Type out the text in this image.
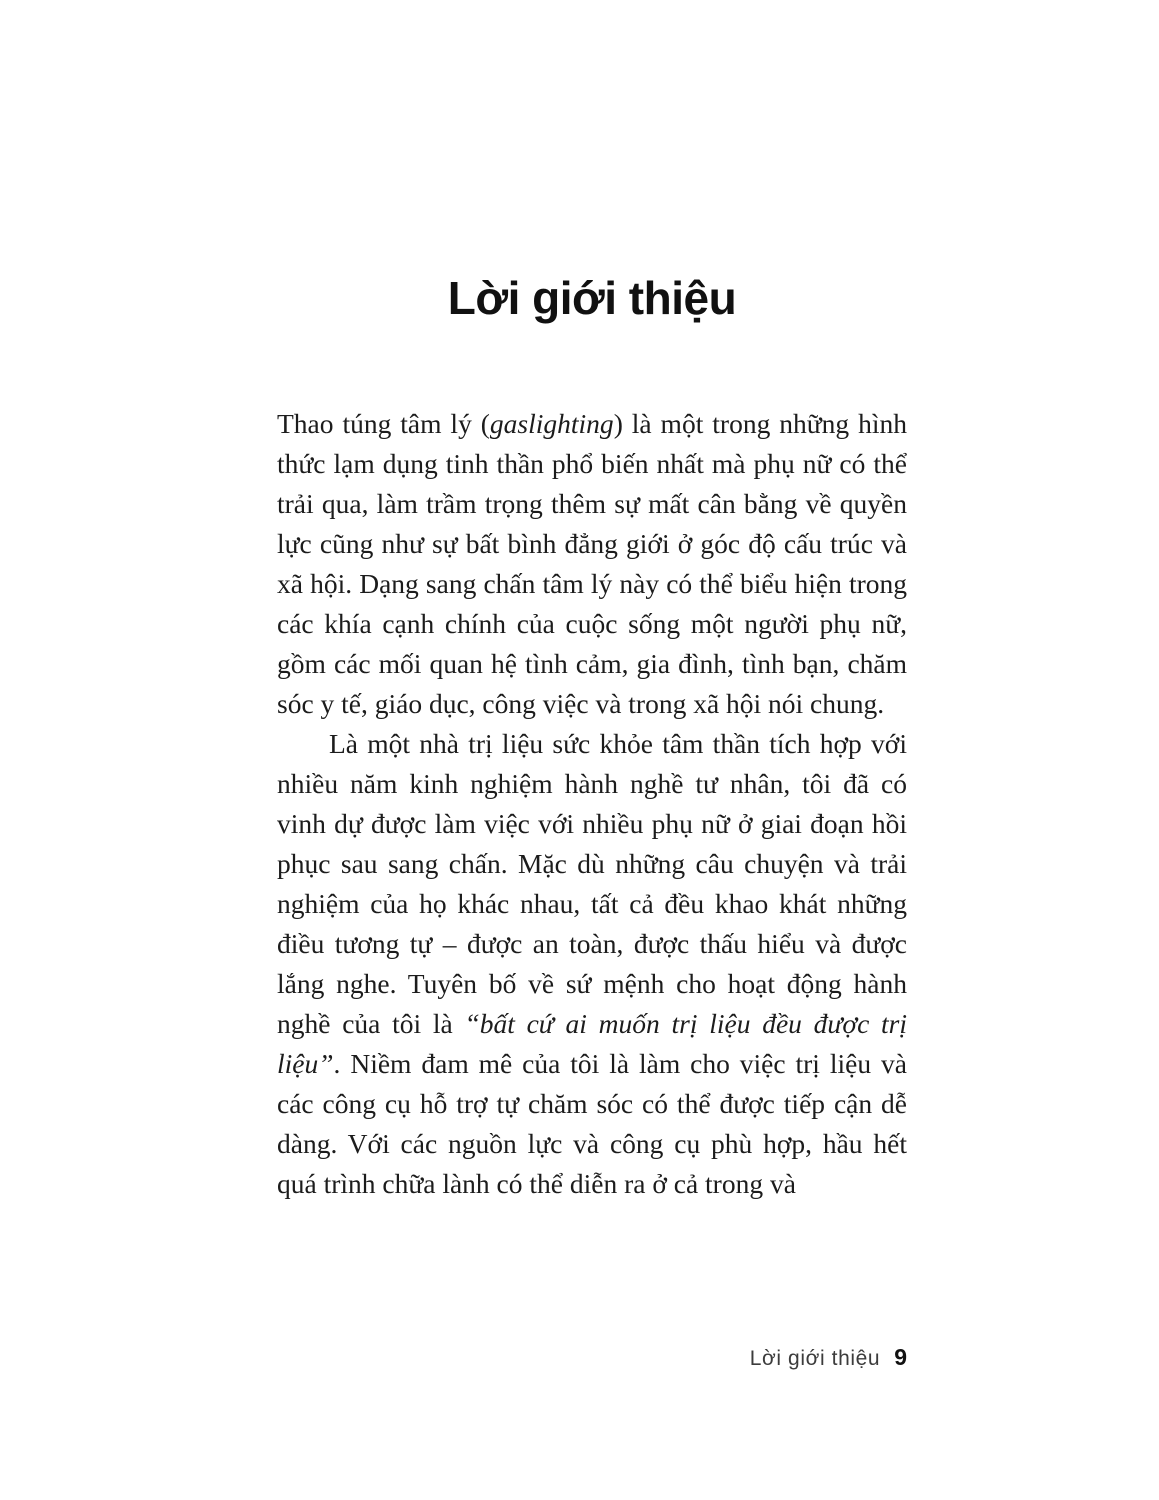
Lời giới thiệu

Thao túng tâm lý (gaslighting) là một trong những hình thức lạm dụng tinh thần phổ biến nhất mà phụ nữ có thể trải qua, làm trầm trọng thêm sự mất cân bằng về quyền lực cũng như sự bất bình đẳng giới ở góc độ cấu trúc và xã hội. Dạng sang chấn tâm lý này có thể biểu hiện trong các khía cạnh chính của cuộc sống một người phụ nữ, gồm các mối quan hệ tình cảm, gia đình, tình bạn, chăm sóc y tế, giáo dục, công việc và trong xã hội nói chung.

Là một nhà trị liệu sức khỏe tâm thần tích hợp với nhiều năm kinh nghiệm hành nghề tư nhân, tôi đã có vinh dự được làm việc với nhiều phụ nữ ở giai đoạn hồi phục sau sang chấn. Mặc dù những câu chuyện và trải nghiệm của họ khác nhau, tất cả đều khao khát những điều tương tự – được an toàn, được thấu hiểu và được lắng nghe. Tuyên bố về sứ mệnh cho hoạt động hành nghề của tôi là “bất cứ ai muốn trị liệu đều được trị liệu”. Niềm đam mê của tôi là làm cho việc trị liệu và các công cụ hỗ trợ tự chăm sóc có thể được tiếp cận dễ dàng. Với các nguồn lực và công cụ phù hợp, hầu hết quá trình chữa lành có thể diễn ra ở cả trong và

Lời giới thiệu 9
